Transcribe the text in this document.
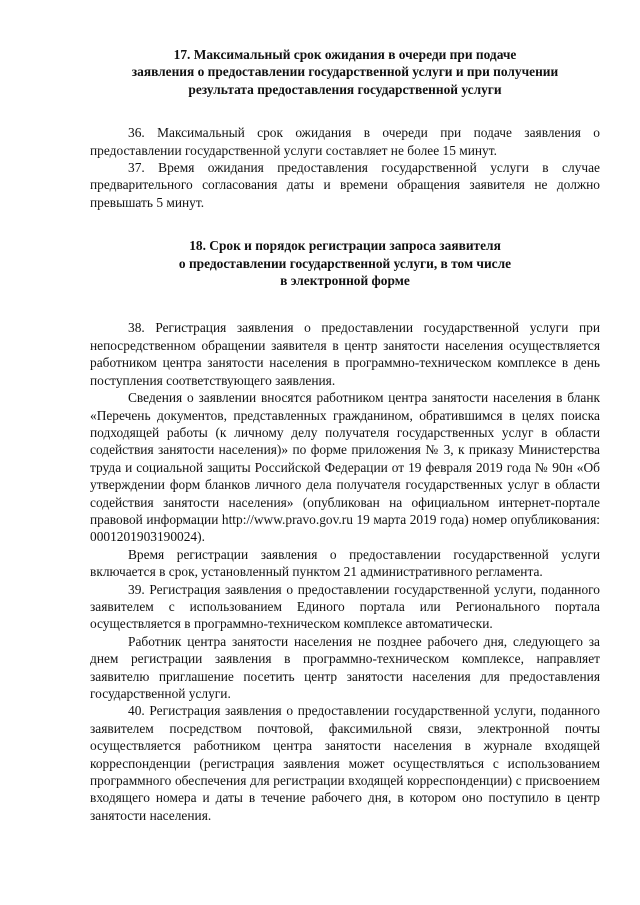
17. Максимальный срок ожидания в очереди при подаче
заявления о предоставлении государственной услуги и при получении
результата предоставления государственной услуги

36. Максимальный срок ожидания в очереди при подаче заявления о предоставлении государственной услуги составляет не более 15 минут.

37. Время ожидания предоставления государственной услуги в случае предварительного согласования даты и времени обращения заявителя не должно превышать 5 минут.

18. Срок и порядок регистрации запроса заявителя
о предоставлении государственной услуги, в том числе
в электронной форме

38. Регистрация заявления о предоставлении государственной услуги при непосредственном обращении заявителя в центр занятости населения осуществляется работником центра занятости населения в программно-техническом комплексе в день поступления соответствующего заявления.

Сведения о заявлении вносятся работником центра занятости населения в бланк «Перечень документов, представленных гражданином, обратившимся в целях поиска подходящей работы (к личному делу получателя государственных услуг в области содействия занятости населения)» по форме приложения № 3, к приказу Министерства труда и социальной защиты Российской Федерации от 19 февраля 2019 года № 90н «Об утверждении форм бланков личного дела получателя государственных услуг в области содействия занятости населения» (опубликован на официальном интернет-портале правовой информации http://www.pravo.gov.ru 19 марта 2019 года) номер опубликования: 0001201903190024).

Время регистрации заявления о предоставлении государственной услуги включается в срок, установленный пунктом 21 административного регламента.

39. Регистрация заявления о предоставлении государственной услуги, поданного заявителем с использованием Единого портала или Регионального портала осуществляется в программно-техническом комплексе автоматически.

Работник центра занятости населения не позднее рабочего дня, следующего за днем регистрации заявления в программно-техническом комплексе, направляет заявителю приглашение посетить центр занятости населения для предоставления государственной услуги.

40. Регистрация заявления о предоставлении государственной услуги, поданного заявителем посредством почтовой, факсимильной связи, электронной почты осуществляется работником центра занятости населения в журнале входящей корреспонденции (регистрация заявления может осуществляться с использованием программного обеспечения для регистрации входящей корреспонденции) с присвоением входящего номера и даты в течение рабочего дня, в котором оно поступило в центр занятости населения.
